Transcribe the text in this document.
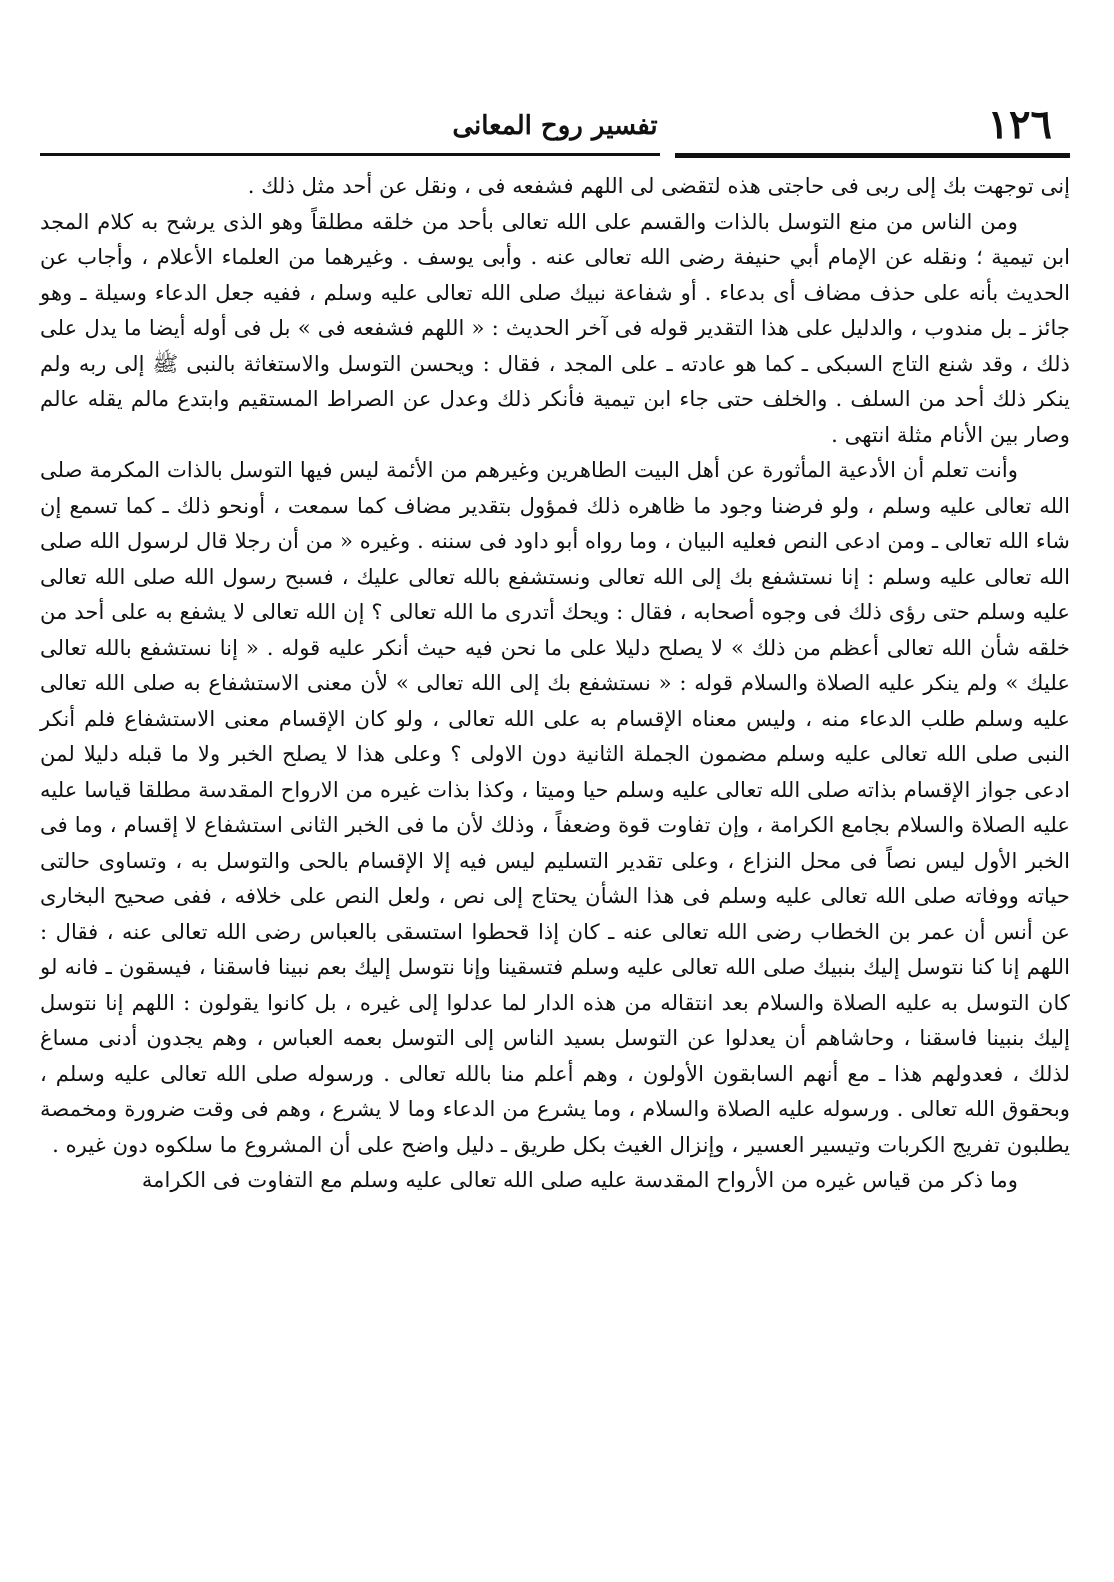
١٢٦
تفسير روح المعانى

إنى توجهت بك إلى ربى فى حاجتى هذه لتقضى لى اللهم فشفعه فى ، ونقل عن أحد مثل ذلك .

ومن الناس من منع التوسل بالذات والقسم على الله تعالى بأحد من خلقه مطلقاً وهو الذى يرشح به كلام المجد ابن تيمية ؛ ونقله عن الإمام أبي حنيفة رضى الله تعالى عنه . وأبى يوسف . وغيرهما من العلماء الأعلام ، وأجاب عن الحديث بأنه على حذف مضاف أى بدعاء . أو شفاعة نبيك صلى الله تعالى عليه وسلم ، ففيه جعل الدعاء وسيلة ـ وهو جائز ـ بل مندوب ، والدليل على هذا التقدير قوله فى آخر الحديث : « اللهم فشفعه فى » بل فى أوله أيضا ما يدل على ذلك ، وقد شنع التاج السبكى ـ كما هو عادته ـ على المجد ، فقال : ويحسن التوسل والاستغاثة بالنبى ﷺ إلى ربه ولم ينكر ذلك أحد من السلف . والخلف حتى جاء ابن تيمية فأنكر ذلك وعدل عن الصراط المستقيم وابتدع مالم يقله عالم وصار بين الأنام مثلة انتهى .

وأنت تعلم أن الأدعية المأثورة عن أهل البيت الطاهرين وغيرهم من الأئمة ليس فيها التوسل بالذات المكرمة صلى الله تعالى عليه وسلم ، ولو فرضنا وجود ما ظاهره ذلك فمؤول بتقدير مضاف كما سمعت ، أونحو ذلك ـ كما تسمع إن شاء الله تعالى ـ ومن ادعى النص فعليه البيان ، وما رواه أبو داود فى سننه . وغيره « من أن رجلا قال لرسول الله صلى الله تعالى عليه وسلم : إنا نستشفع بك إلى الله تعالى ونستشفع بالله تعالى عليك ، فسبح رسول الله صلى الله تعالى عليه وسلم حتى رؤى ذلك فى وجوه أصحابه ، فقال : ويحك أتدرى ما الله تعالى ؟ إن الله تعالى لا يشفع به على أحد من خلقه شأن الله تعالى أعظم من ذلك » لا يصلح دليلا على ما نحن فيه حيث أنكر عليه قوله . « إنا نستشفع بالله تعالى عليك » ولم ينكر عليه الصلاة والسلام قوله : « نستشفع بك إلى الله تعالى » لأن معنى الاستشفاع به صلى الله تعالى عليه وسلم طلب الدعاء منه ، وليس معناه الإقسام به على الله تعالى ، ولو كان الإقسام معنى الاستشفاع فلم أنكر النبى صلى الله تعالى عليه وسلم مضمون الجملة الثانية دون الاولى ؟ وعلى هذا لا يصلح الخبر ولا ما قبله دليلا لمن ادعى جواز الإقسام بذاته صلى الله تعالى عليه وسلم حيا وميتا ، وكذا بذات غيره من الارواح المقدسة مطلقا قياسا عليه عليه الصلاة والسلام بجامع الكرامة ، وإن تفاوت قوة وضعفاً ، وذلك لأن ما فى الخبر الثانى استشفاع لا إقسام ، وما فى الخبر الأول ليس نصاً فى محل النزاع ، وعلى تقدير التسليم ليس فيه إلا الإقسام بالحى والتوسل به ، وتساوى حالتى حياته ووفاته صلى الله تعالى عليه وسلم فى هذا الشأن يحتاج إلى نص ، ولعل النص على خلافه ، ففى صحيح البخارى عن أنس أن عمر بن الخطاب رضى الله تعالى عنه ـ كان إذا قحطوا استسقى بالعباس رضى الله تعالى عنه ، فقال : اللهم إنا كنا نتوسل إليك بنبيك صلى الله تعالى عليه وسلم فتسقينا وإنا نتوسل إليك بعم نبينا فاسقنا ، فيسقون ـ فانه لو كان التوسل به عليه الصلاة والسلام بعد انتقاله من هذه الدار لما عدلوا إلى غيره ، بل كانوا يقولون : اللهم إنا نتوسل إليك بنبينا فاسقنا ، وحاشاهم أن يعدلوا عن التوسل بسيد الناس إلى التوسل بعمه العباس ، وهم يجدون أدنى مساغ لذلك ، فعدولهم هذا ـ مع أنهم السابقون الأولون ، وهم أعلم منا بالله تعالى . ورسوله صلى الله تعالى عليه وسلم ، وبحقوق الله تعالى . ورسوله عليه الصلاة والسلام ، وما يشرع من الدعاء وما لا يشرع ، وهم فى وقت ضرورة ومخمصة يطلبون تفريج الكربات وتيسير العسير ، وإنزال الغيث بكل طريق ـ دليل واضح على أن المشروع ما سلكوه دون غيره .

وما ذكر من قياس غيره من الأرواح المقدسة عليه صلى الله تعالى عليه وسلم مع التفاوت فى الكرامة
